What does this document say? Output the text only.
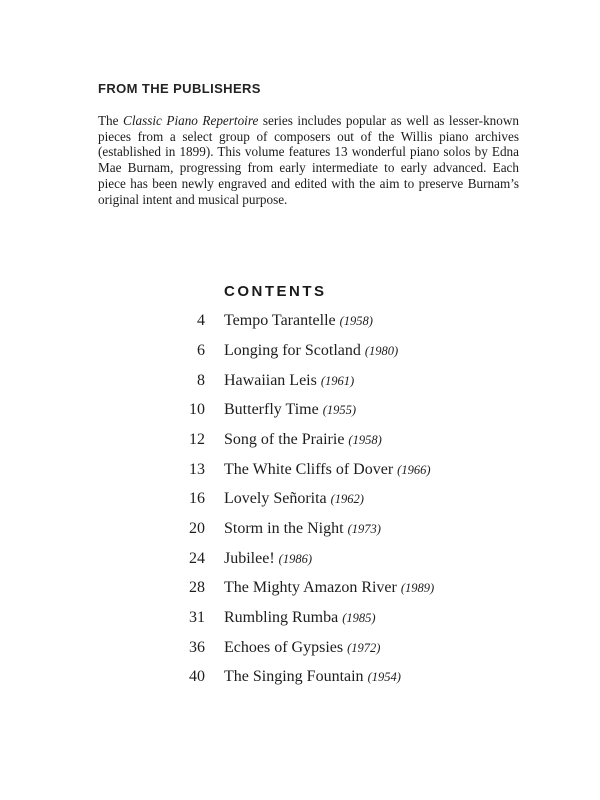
FROM THE PUBLISHERS

The Classic Piano Repertoire series includes popular as well as lesser-known pieces from a select group of composers out of the Willis piano archives (established in 1899). This volume features 13 wonderful piano solos by Edna Mae Burnam, progressing from early intermediate to early advanced. Each piece has been newly engraved and edited with the aim to preserve Burnam’s original intent and musical purpose.

CONTENTS
4 Tempo Tarantelle (1958)
6 Longing for Scotland (1980)
8 Hawaiian Leis (1961)
10 Butterfly Time (1955)
12 Song of the Prairie (1958)
13 The White Cliffs of Dover (1966)
16 Lovely Señorita (1962)
20 Storm in the Night (1973)
24 Jubilee! (1986)
28 The Mighty Amazon River (1989)
31 Rumbling Rumba (1985)
36 Echoes of Gypsies (1972)
40 The Singing Fountain (1954)
